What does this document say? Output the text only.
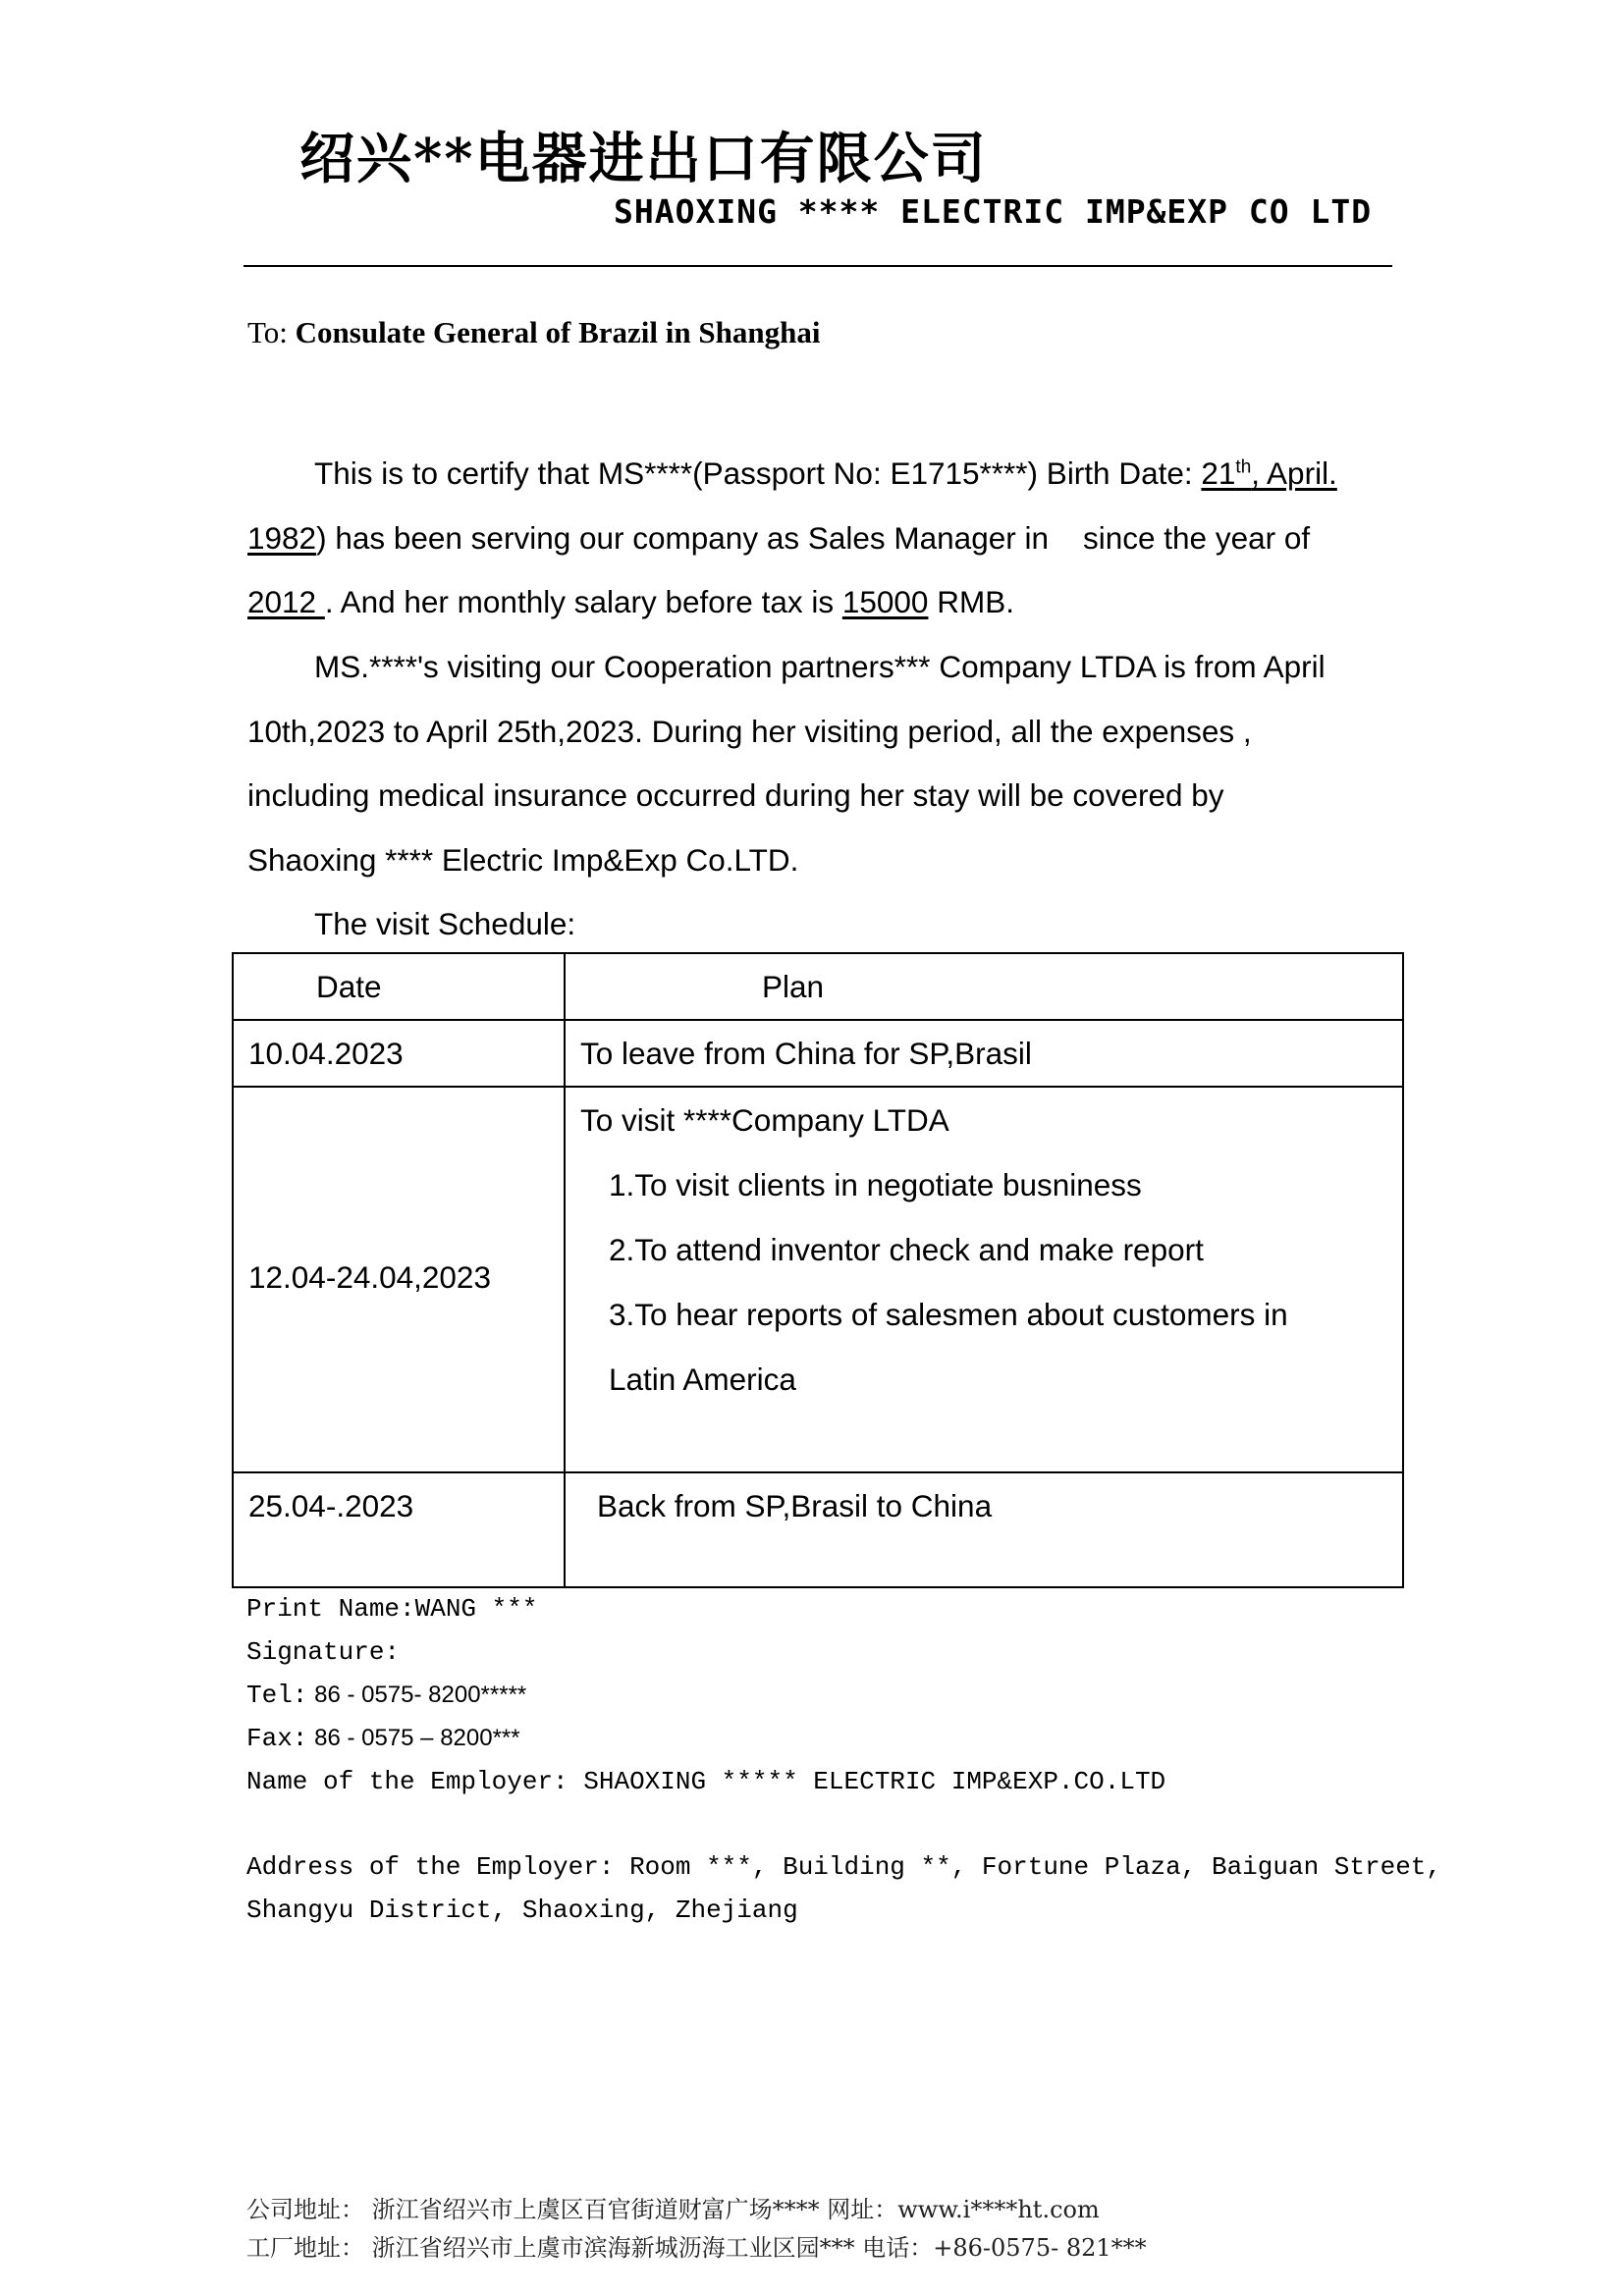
绍兴**电器进出口有限公司
SHAOXING **** ELECTRIC IMP&EXP CO LTD
To: Consulate General of Brazil in Shanghai
This is to certify that MS****(Passport No: E1715****) Birth Date: 21th, April.
1982) has been serving our company as Sales Manager in    since the year of
2012 . And her monthly salary before tax is 15000 RMB.
MS.****'s visiting our Cooperation partners*** Company LTDA is from April
10th,2023 to April 25th,2023. During her visiting period, all the expenses ,
including medical insurance occurred during her stay will be covered by
Shaoxing **** Electric Imp&Exp Co.LTD.
The visit Schedule:
Date	Plan

10.04.2023	To leave from China for SP,Brasil

12.04-24.04,2023	To visit ****Company LTDA
1.To visit clients in negotiate busniness
2.To attend inventor check and make report
3.To hear reports of salesmen about customers in
Latin America

25.04-.2023	Back from SP,Brasil to China
Print Name:WANG ***
Signature:
Tel: 86 - 0575- 8200*****
Fax: 86 - 0575 – 8200***
Name of the Employer: SHAOXING ***** ELECTRIC IMP&EXP.CO.LTD
Address of the Employer: Room ***, Building **, Fortune Plaza, Baiguan Street,
Shangyu District, Shaoxing, Zhejiang
公司地址： 浙江省绍兴市上虞区百官街道财富广场**** 网址：www.i****ht.com
工厂地址： 浙江省绍兴市上虞市滨海新城沥海工业区园*** 电话：+86-0575- 821***
